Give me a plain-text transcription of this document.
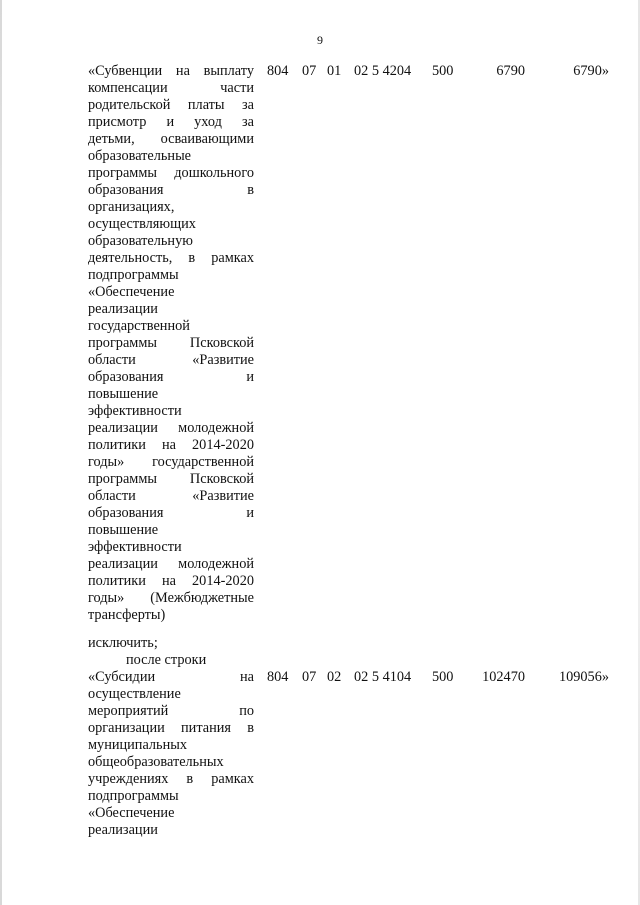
9
«Субвенции на выплату
компенсации части
родительской платы за
присмотр и уход за
детьми, осваивающими
образовательные
программы дошкольного
образования в
организациях,
осуществляющих
образовательную
деятельность, в рамках
подпрограммы
«Обеспечение
реализации
государственной
программы Псковской
области «Развитие
образования и
повышение
эффективности
реализации молодежной
политики на 2014-2020
годы» государственной
программы Псковской
области «Развитие
образования и
повышение
эффективности
реализации молодежной
политики на 2014-2020
годы» (Межбюджетные
трансферты)
804 07 01 02 5 4204 500	6790	6790»
исключить;
после строки
«Субсидии на
осуществление
мероприятий по
организации питания в
муниципальных
общеобразовательных
учреждениях в рамках
подпрограммы
«Обеспечение
реализации
804 07 02 02 5 4104 500 102470 109056»
